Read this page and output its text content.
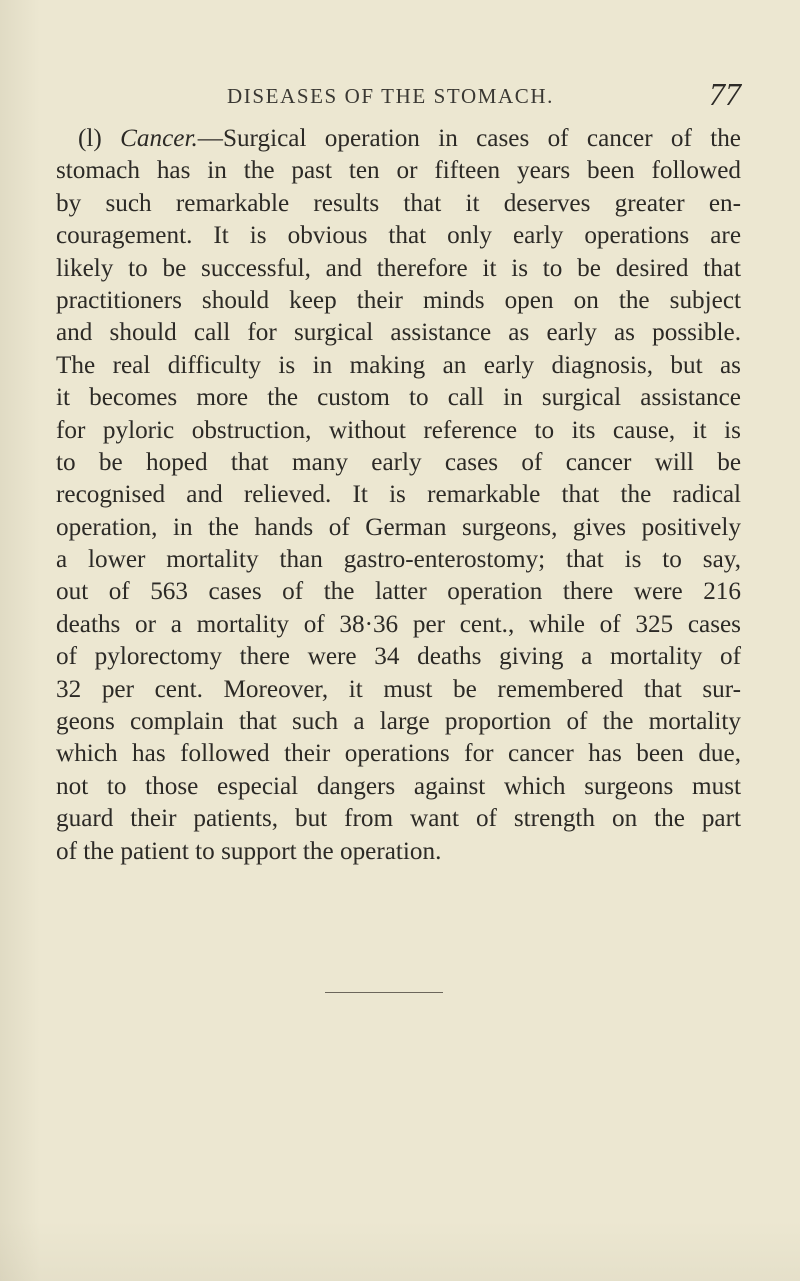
DISEASES OF THE STOMACH.	77
(l) Cancer.—Surgical operation in cases of cancer of the
stomach has in the past ten or fifteen years been followed
by such remarkable results that it deserves greater en-
couragement. It is obvious that only early operations are
likely to be successful, and therefore it is to be desired that
practitioners should keep their minds open on the subject
and should call for surgical assistance as early as possible.
The real difficulty is in making an early diagnosis, but as
it becomes more the custom to call in surgical assistance
for pyloric obstruction, without reference to its cause, it is
to be hoped that many early cases of cancer will be
recognised and relieved. It is remarkable that the radical
operation, in the hands of German surgeons, gives positively
a lower mortality than gastro-enterostomy; that is to say,
out of 563 cases of the latter operation there were 216
deaths or a mortality of 38·36 per cent., while of 325 cases
of pylorectomy there were 34 deaths giving a mortality of
32 per cent. Moreover, it must be remembered that sur-
geons complain that such a large proportion of the mortality
which has followed their operations for cancer has been due,
not to those especial dangers against which surgeons must
guard their patients, but from want of strength on the part
of the patient to support the operation.
